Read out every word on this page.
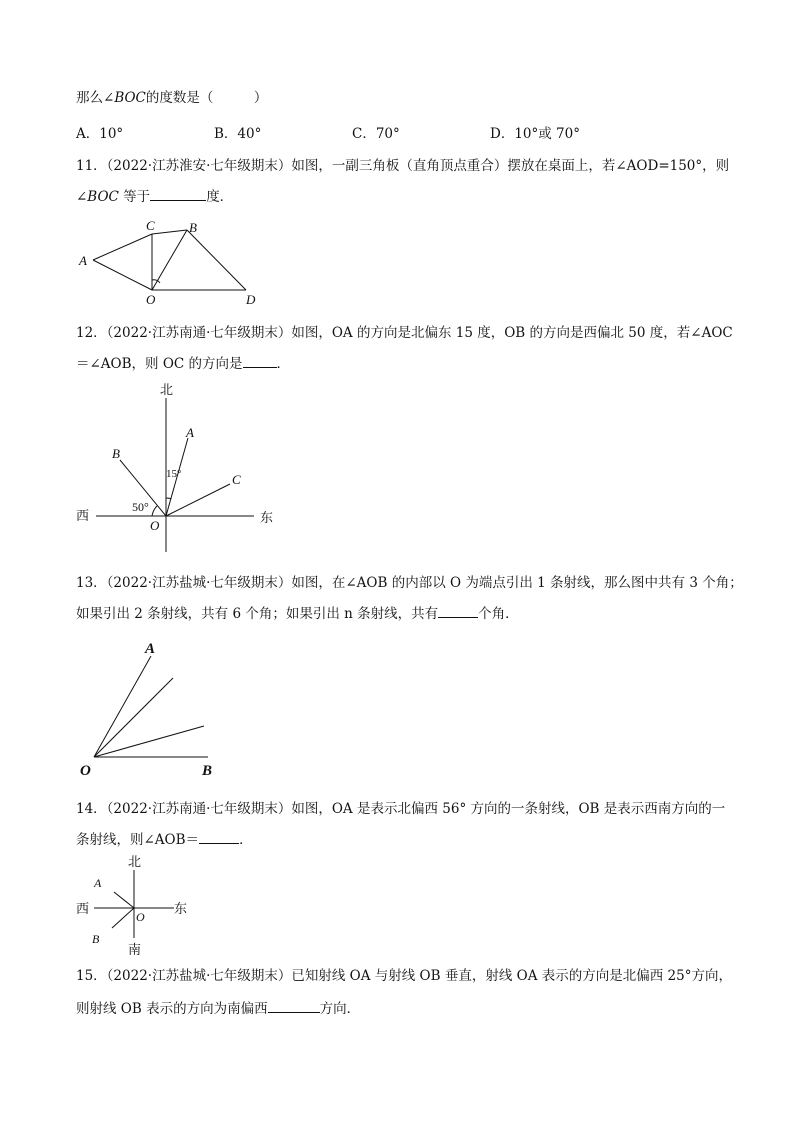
那么∠BOC的度数是（　　　）
A．10°	B．40°	C．70°	D．10°或 70°
11．（2022·江苏淮安·七年级期末）如图，一副三角板（直角顶点重合）摆放在桌面上，若∠AOD=150°，则
∠BOC 等于	度．
A
C	B
O	D
12．（2022·江苏南通·七年级期末）如图，OA 的方向是北偏东 15 度，OB 的方向是西偏北 50 度，若∠AOC
＝∠AOB，则 OC 的方向是	．
北
西	东
15°
50°
A
B
C
O
13．（2022·江苏盐城·七年级期末）如图，在∠AOB 的内部以 O 为端点引出 1 条射线，那么图中共有 3 个角；
如果引出 2 条射线，共有 6 个角；如果引出 n 条射线，共有	个角．
A
O	B
14．（2022·江苏南通·七年级期末）如图，OA 是表示北偏西 56° 方向的一条射线，OB 是表示西南方向的一
条射线，则∠AOB＝	．
北
西	东
南
A
B
O
15．（2022·江苏盐城·七年级期末）已知射线 OA 与射线 OB 垂直，射线 OA 表示的方向是北偏西 25°方向，
则射线 OB 表示的方向为南偏西	方向．
